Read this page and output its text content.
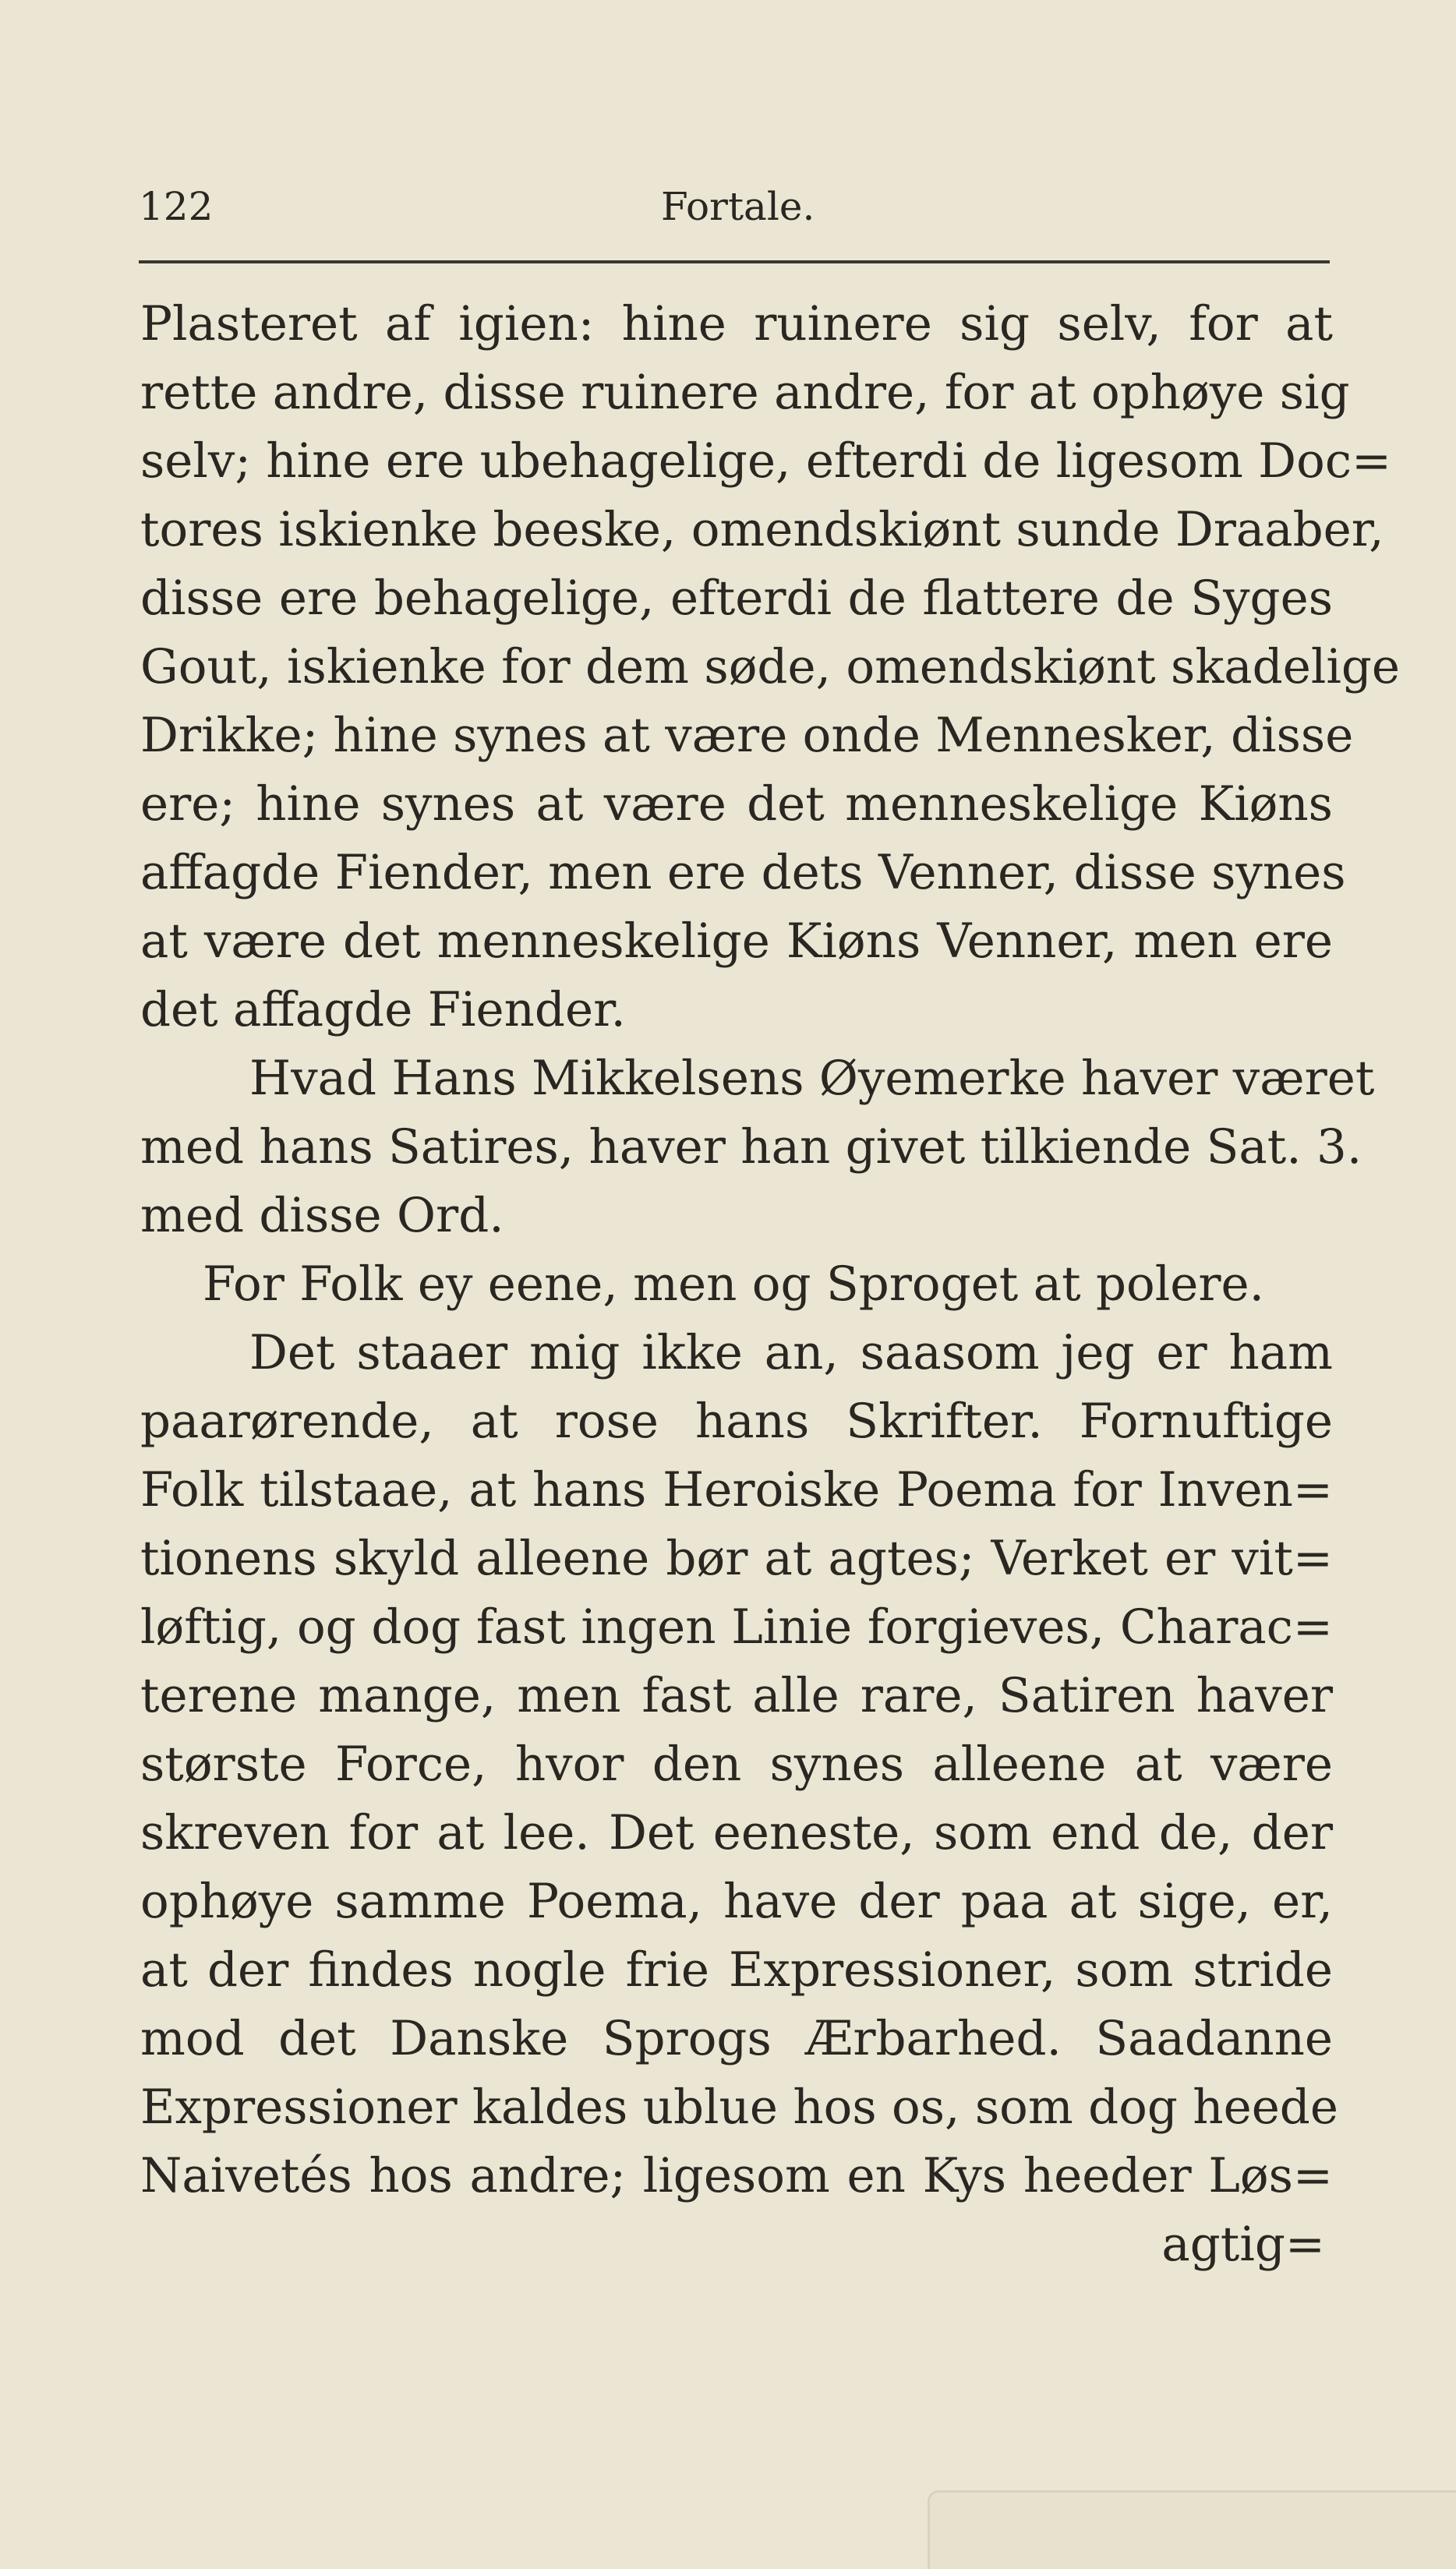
122	Fortale.
Plasteret af igien: hine ruinere sig selv, for at
rette andre, disse ruinere andre, for at ophøye sig
selv; hine ere ubehagelige, efterdi de ligesom Doc=
tores iskienke beeske, omendskiønt sunde Draaber,
disse ere behagelige, efterdi de flattere de Syges
Gout, iskienke for dem søde, omendskiønt skadelige
Drikke; hine synes at være onde Mennesker, disse
ere; hine synes at være det menneskelige Kiøns
affagde Fiender, men ere dets Venner, disse synes
at være det menneskelige Kiøns Venner, men ere
det affagde Fiender.
Hvad Hans Mikkelsens Øyemerke haver været
med hans Satires, haver han givet tilkiende Sat. 3.
med disse Ord.
For Folk ey eene, men og Sproget at polere.
Det staaer mig ikke an, saasom jeg er ham
paarørende, at rose hans Skrifter. Fornuftige
Folk tilstaae, at hans Heroiske Poema for Inven=
tionens skyld alleene bør at agtes; Verket er vit=
løftig, og dog fast ingen Linie forgieves, Charac=
terene mange, men fast alle rare, Satiren haver
største Force, hvor den synes alleene at være
skreven for at lee. Det eeneste, som end de, der
ophøye samme Poema, have der paa at sige, er,
at der findes nogle frie Expressioner, som stride
mod det Danske Sprogs Ærbarhed. Saadanne
Expressioner kaldes ublue hos os, som dog heede
Naivetés hos andre; ligesom en Kys heeder Løs=
agtig=
